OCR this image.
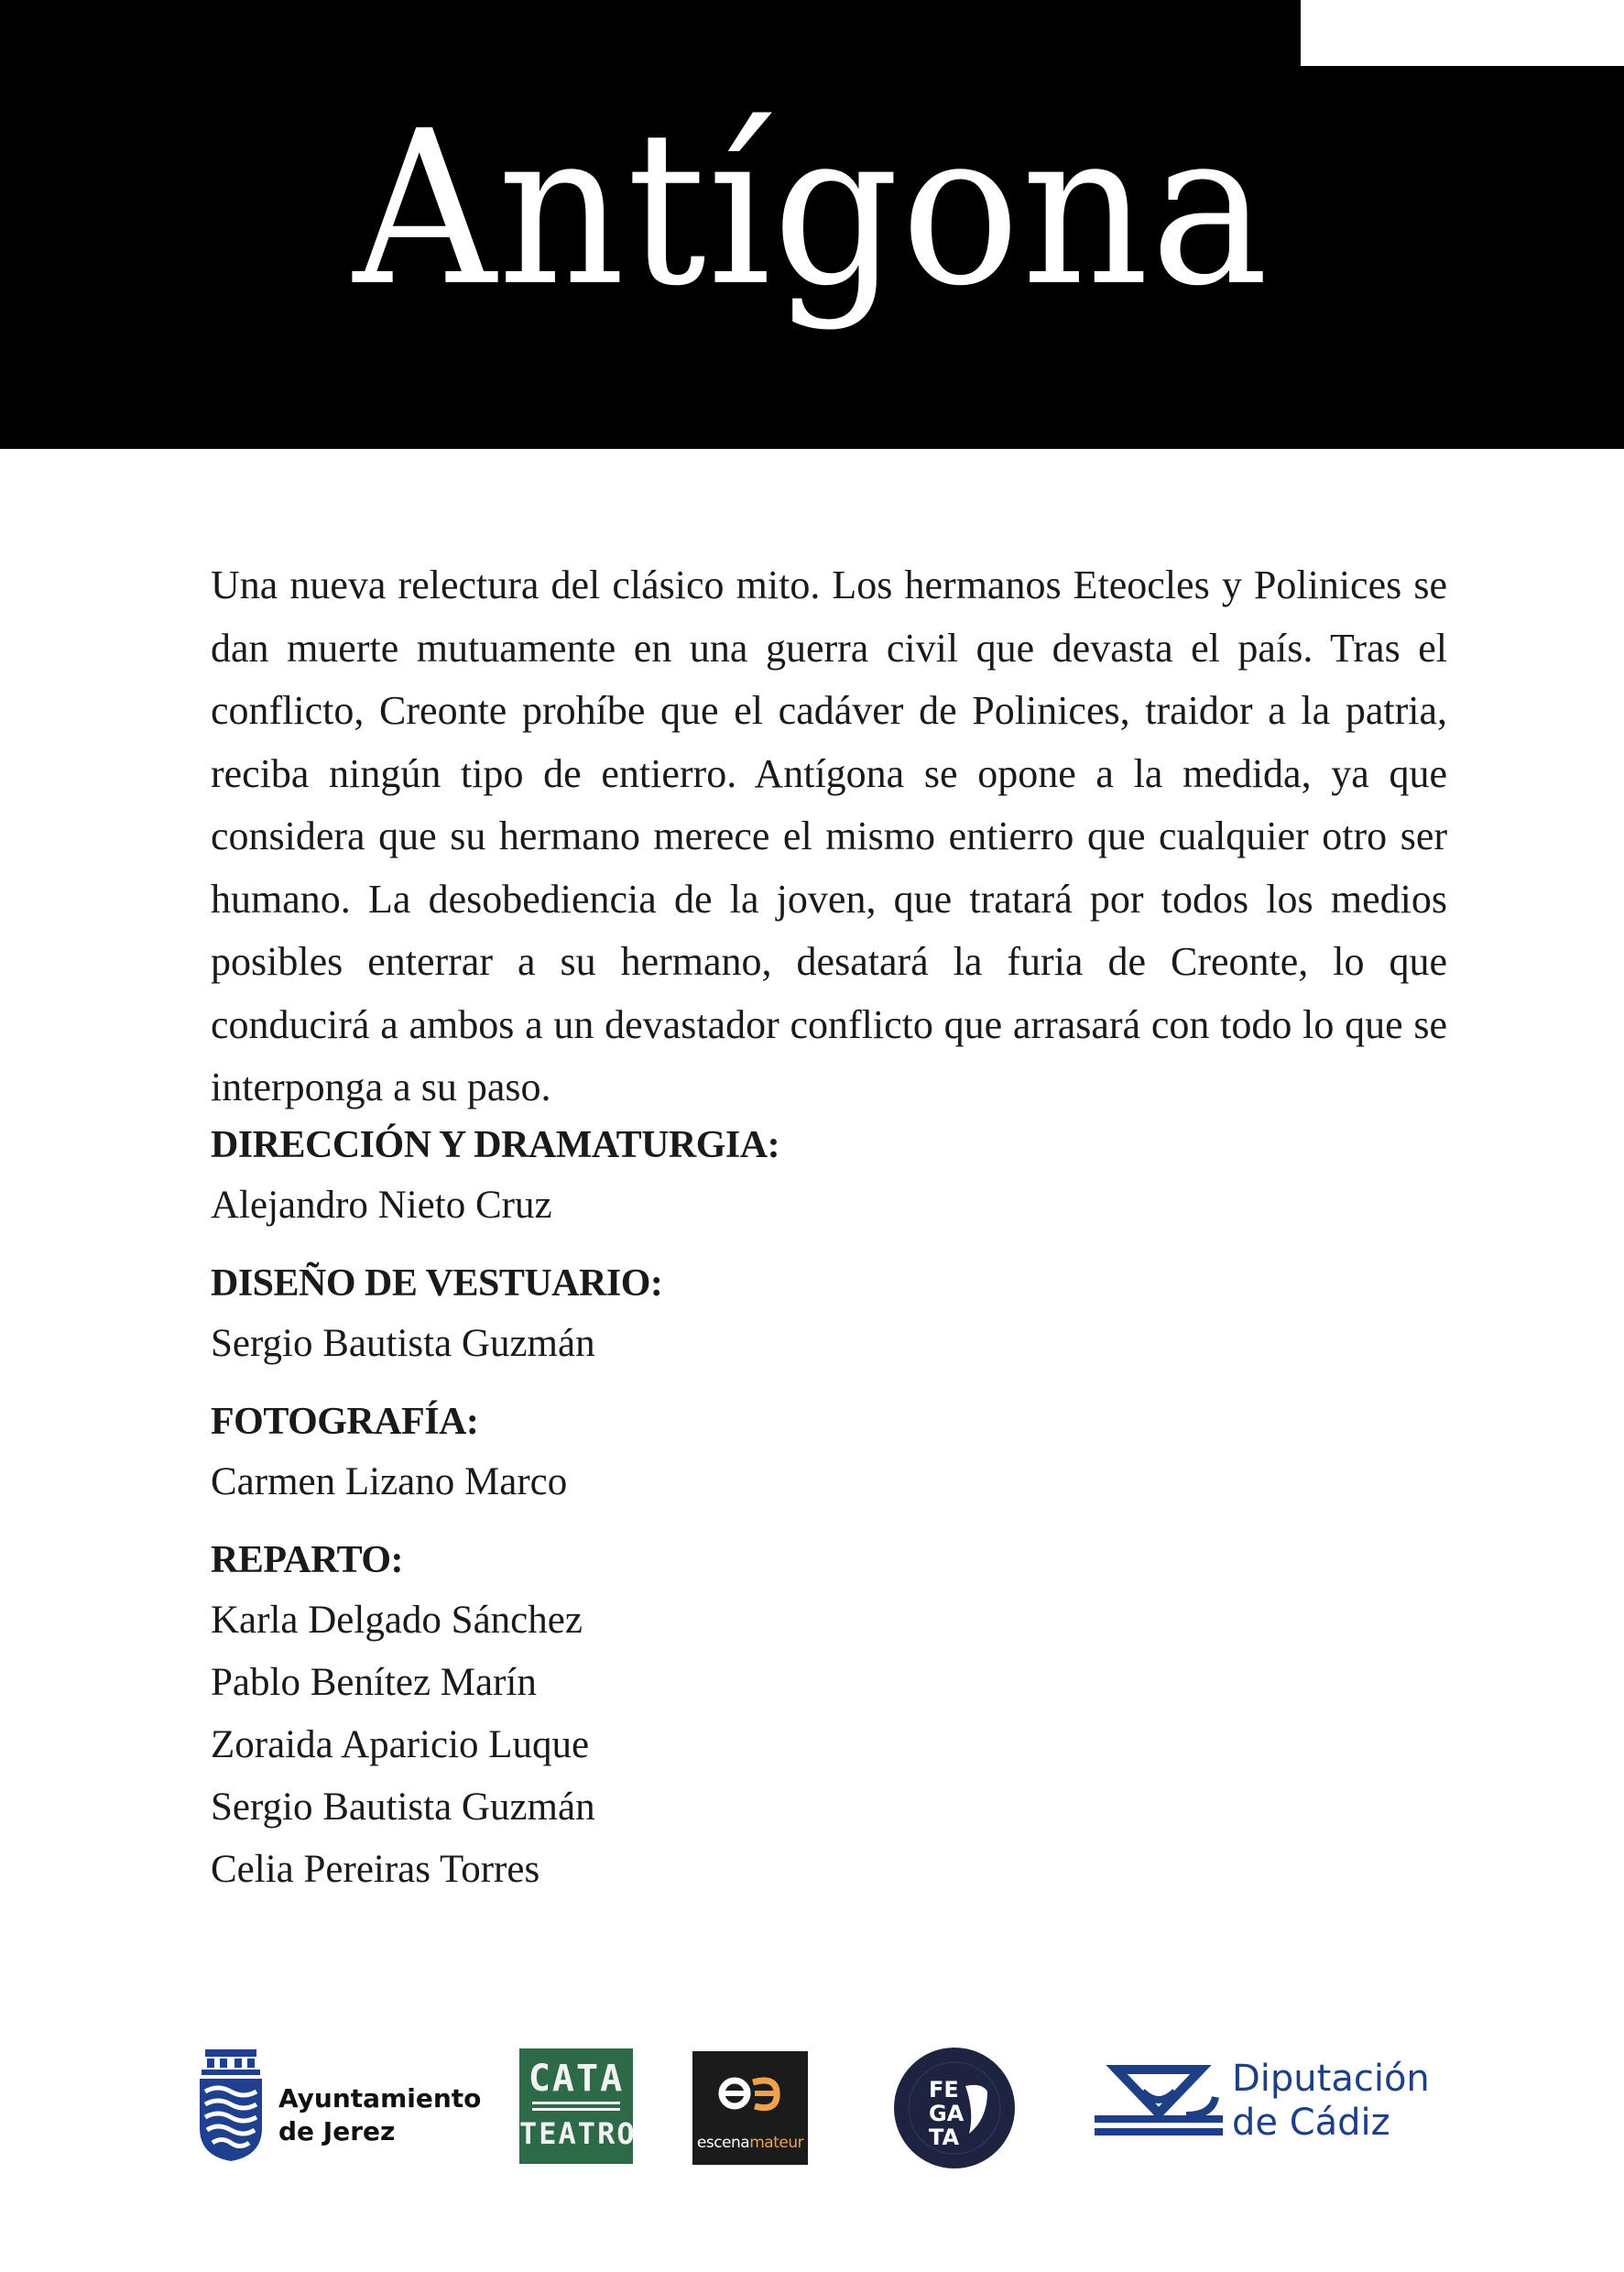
Antígona

Una nueva relectura del clásico mito. Los hermanos Eteocles y Polinices se dan muerte mutuamente en una guerra civil que devasta el país. Tras el conflicto, Creonte prohíbe que el cadáver de Polinices, traidor a la patria, reciba ningún tipo de entierro. Antígona se opone a la medida, ya que considera que su hermano merece el mismo entierro que cualquier otro ser humano. La desobediencia de la joven, que tratará por todos los medios posibles enterrar a su hermano, desatará la furia de Creonte, lo que conducirá a ambos a un devastador conflicto que arrasará con todo lo que se interponga a su paso.

DIRECCIÓN Y DRAMATURGIA:
Alejandro Nieto Cruz
DISEÑO DE VESTUARIO:
Sergio Bautista Guzmán
FOTOGRAFÍA:
Carmen Lizano Marco
REPARTO:
Karla Delgado Sánchez
Pablo Benítez Marín
Zoraida Aparicio Luque
Sergio Bautista Guzmán
Celia Pereiras Torres
Ayuntamiento
de Jerez
CATA
TEATRO	escenamateur
FE
GA
TA
Diputación
de Cádiz
